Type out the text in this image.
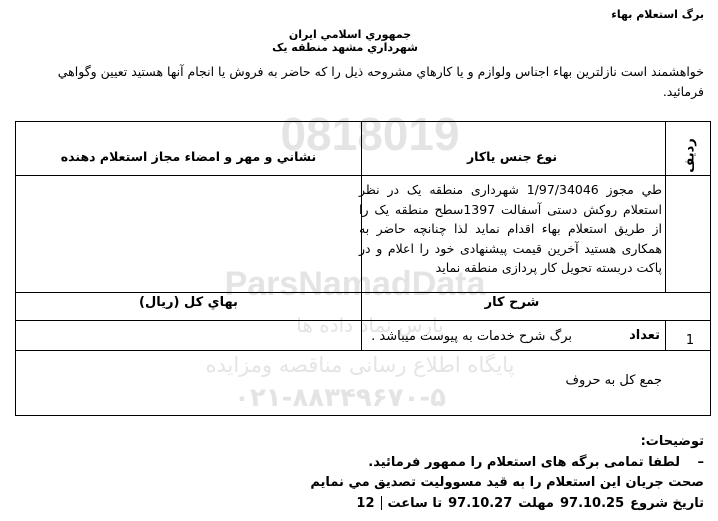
0818019
ParsNamadData
پارس نماد داده ها
پایگاه اطلاع رسانی مناقصه ومزایده
۰۲۱-۸۸۳۴۹۶۷۰-۵
برگ استعلام بهاء
جمهوري اسلامي ايران
شهرداري مشهد منطقه يک
خواهشمند است نازلترين بهاء اجناس ولوازم و يا كارهاي مشروحه ذيل را كه حاضر به فروش يا انجام آنها هستيد تعيين وگواهي فرمائيد.
رديف
نوع جنس ياكار
نشاني و مهر و امضاء مجاز استعلام دهنده
طي مجوز 1/97/34046 شهرداری منطقه یک در نظر استعلام روکش دستی آسفالت 1397سطح منطقه یک را از طریق استعلام بهاء اقدام نماید لذا چنانچه حاضر به همکاری هستید آخرین قیمت پیشنهادی خود را اعلام و در پاکت دربسته تحویل کار پردازی منطقه نماید
شرح كار
بهاي كل (ريال)
1
تعداد
برگ شرح خدمات به پیوست میباشد .
جمع كل به حروف
توضيحات:
–
لطفا تمامی برگه های استعلام را ممهور فرمائید.
صحت جريان اين استعلام را به قيد مسووليت تصديق مي نمايم
تاریخ شروع
97.10.25
مهلت
97.10.27
تا ساعت
12
